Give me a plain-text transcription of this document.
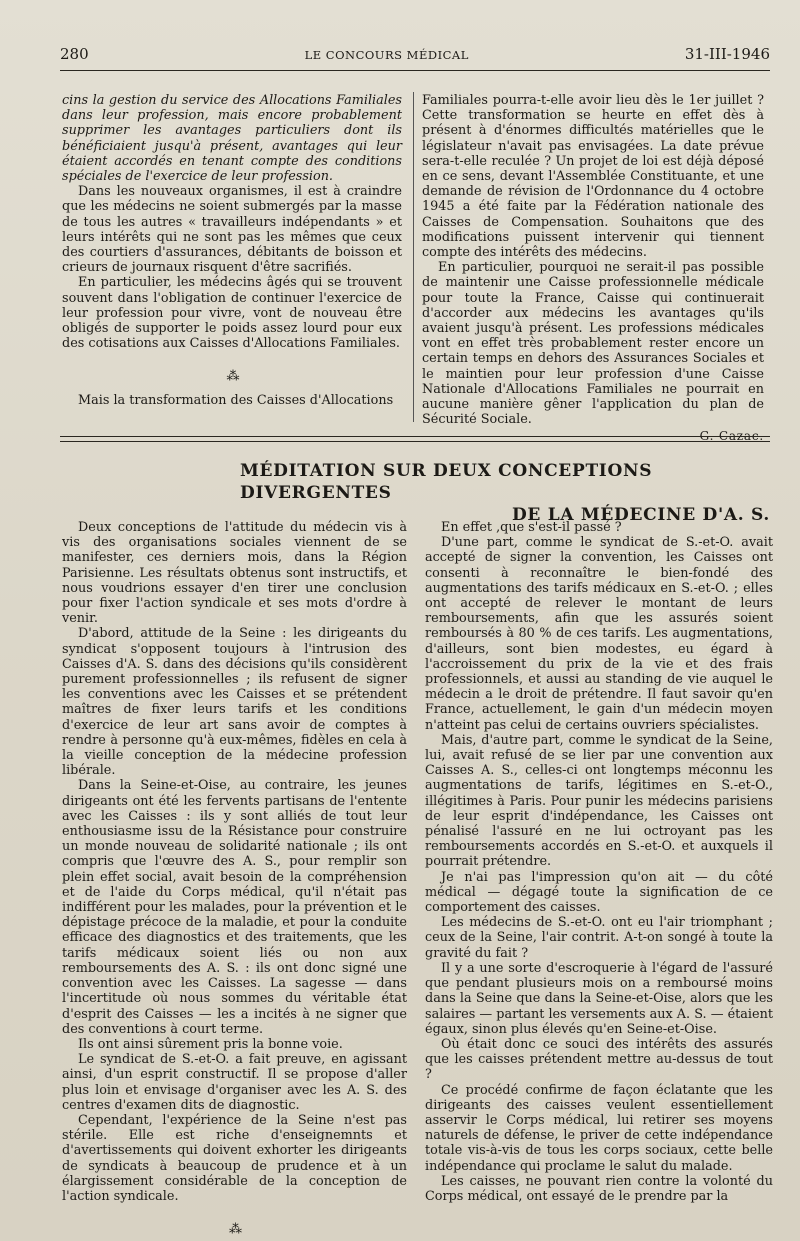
280	LE CONCOURS MÉDICAL	31-III-1946

cins la gestion du service des Allocations Familiales dans leur profession, mais encore probablement supprimer les avantages particuliers dont ils bénéficiaient jusqu'à présent, avantages qui leur étaient accordés en tenant compte des conditions spéciales de l'exercice de leur profession.

Dans les nouveaux organismes, il est à craindre que les médecins ne soient submergés par la masse de tous les autres « travailleurs indépendants » et leurs intérêts qui ne sont pas les mêmes que ceux des courtiers d'assurances, débitants de boisson et crieurs de journaux risquent d'être sacrifiés.

En particulier, les médecins âgés qui se trouvent souvent dans l'obligation de continuer l'exercice de leur profession pour vivre, vont de nouveau être obligés de supporter le poids assez lourd pour eux des cotisations aux Caisses d'Allocations Familiales.

⁂

Mais la transformation des Caisses d'Allocations

Familiales pourra-t-elle avoir lieu dès le 1er juillet ? Cette transformation se heurte en effet dès à présent à d'énormes difficultés matérielles que le législateur n'avait pas envisagées. La date prévue sera-t-elle reculée ? Un projet de loi est déjà déposé en ce sens, devant l'Assemblée Constituante, et une demande de révision de l'Ordonnance du 4 octobre 1945 a été faite par la Fédération nationale des Caisses de Compensation. Souhaitons que des modifications puissent intervenir qui tiennent compte des intérêts des médecins.

En particulier, pourquoi ne serait-il pas possible de maintenir une Caisse professionnelle médicale pour toute la France, Caisse qui continuerait d'accorder aux médecins les avantages qu'ils avaient jusqu'à présent. Les professions médicales vont en effet très probablement rester encore un certain temps en dehors des Assurances Sociales et le maintien pour leur profession d'une Caisse Nationale d'Allocations Familiales ne pourrait en aucune manière gêner l'application du plan de Sécurité Sociale.

G. Cazac.
MÉDITATION SUR DEUX CONCEPTIONS DIVERGENTES
DE LA MÉDECINE D'A. S.

Deux conceptions de l'attitude du médecin vis à vis des organisations sociales viennent de se manifester, ces derniers mois, dans la Région Parisienne. Les résultats obtenus sont instructifs, et nous voudrions essayer d'en tirer une conclusion pour fixer l'action syndicale et ses mots d'ordre à venir.

D'abord, attitude de la Seine : les dirigeants du syndicat s'opposent toujours à l'intrusion des Caisses d'A. S. dans des décisions qu'ils considèrent purement professionnelles ; ils refusent de signer les conventions avec les Caisses et se prétendent maîtres de fixer leurs tarifs et les conditions d'exercice de leur art sans avoir de comptes à rendre à personne qu'à eux-mêmes, fidèles en cela à la vieille conception de la médecine profession libérale.

Dans la Seine-et-Oise, au contraire, les jeunes dirigeants ont été les fervents partisans de l'entente avec les Caisses : ils y sont alliés de tout leur enthousiasme issu de la Résistance pour construire un monde nouveau de solidarité nationale ; ils ont compris que l'œuvre des A. S., pour remplir son plein effet social, avait besoin de la compréhension et de l'aide du Corps médical, qu'il n'était pas indifférent pour les malades, pour la prévention et le dépistage précoce de la maladie, et pour la conduite efficace des diagnostics et des traitements, que les tarifs médicaux soient liés ou non aux remboursements des A. S. : ils ont donc signé une convention avec les Caisses. La sagesse — dans l'incertitude où nous sommes du véritable état d'esprit des Caisses — les a incités à ne signer que des conventions à court terme.

Ils ont ainsi sûrement pris la bonne voie.

Le syndicat de S.-et-O. a fait preuve, en agissant ainsi, d'un esprit constructif. Il se propose d'aller plus loin et envisage d'organiser avec les A. S. des centres d'examen dits de diagnostic.

Cependant, l'expérience de la Seine n'est pas stérile. Elle est riche d'enseignemnts et d'avertissements qui doivent exhorter les dirigeants de syndicats à beaucoup de prudence et à un élargissement considérable de la conception de l'action syndicale.

⁂

En effet ,que s'est-il passé ?

D'une part, comme le syndicat de S.-et-O. avait accepté de signer la convention, les Caisses ont consenti à reconnaître le bien-fondé des augmentations des tarifs médicaux en S.-et-O. ; elles ont accepté de relever le montant de leurs remboursements, afin que les assurés soient remboursés à 80 % de ces tarifs. Les augmentations, d'ailleurs, sont bien modestes, eu égard à l'accroissement du prix de la vie et des frais professionnels, et aussi au standing de vie auquel le médecin a le droit de prétendre. Il faut savoir qu'en France, actuellement, le gain d'un médecin moyen n'atteint pas celui de certains ouvriers spécialistes.

Mais, d'autre part, comme le syndicat de la Seine, lui, avait refusé de se lier par une convention aux Caisses A. S., celles-ci ont longtemps méconnu les augmentations de tarifs, légitimes en S.-et-O., illégitimes à Paris. Pour punir les médecins parisiens de leur esprit d'indépendance, les Caisses ont pénalisé l'assuré en ne lui octroyant pas les remboursements accordés en S.-et-O. et auxquels il pourrait prétendre.

Je n'ai pas l'impression qu'on ait — du côté médical — dégagé toute la signification de ce comportement des caisses.

Les médecins de S.-et-O. ont eu l'air triomphant ; ceux de la Seine, l'air contrit. A-t-on songé à toute la gravité du fait ?

Il y a une sorte d'escroquerie à l'égard de l'assuré que pendant plusieurs mois on a remboursé moins dans la Seine que dans la Seine-et-Oise, alors que les salaires — partant les versements aux A. S. — étaient égaux, sinon plus élevés qu'en Seine-et-Oise.

Où était donc ce souci des intérêts des assurés que les caisses prétendent mettre au-dessus de tout ?

Ce procédé confirme de façon éclatante que les dirigeants des caisses veulent essentiellement asservir le Corps médical, lui retirer ses moyens naturels de défense, le priver de cette indépendance totale vis-à-vis de tous les corps sociaux, cette belle indépendance qui proclame le salut du malade.

Les caisses, ne pouvant rien contre la volonté du Corps médical, ont essayé de le prendre par la
